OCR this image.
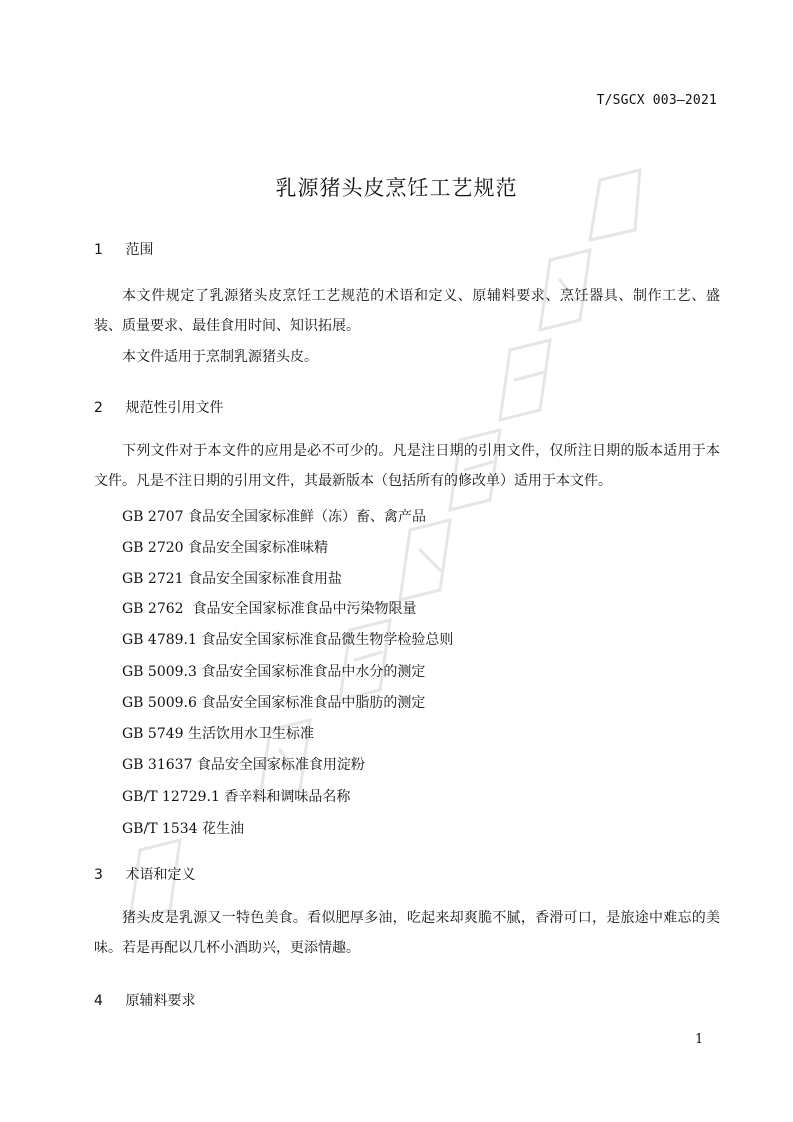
T/SGCX 003—2021
乳源猪头皮烹饪工艺规范
1 范围
本文件规定了乳源猪头皮烹饪工艺规范的术语和定义、原辅料要求、烹饪器具、制作工艺、盛装、质量要求、最佳食用时间、知识拓展。
本文件适用于烹制乳源猪头皮。
2 规范性引用文件
下列文件对于本文件的应用是必不可少的。凡是注日期的引用文件，仅所注日期的版本适用于本文件。凡是不注日期的引用文件，其最新版本（包括所有的修改单）适用于本文件。
GB 2707 食品安全国家标准鲜（冻）畜、禽产品
GB 2720 食品安全国家标准味精
GB 2721 食品安全国家标准食用盐
GB 2762  食品安全国家标准食品中污染物限量
GB 4789.1 食品安全国家标准食品微生物学检验总则
GB 5009.3 食品安全国家标准食品中水分的测定
GB 5009.6 食品安全国家标准食品中脂肪的测定
GB 5749 生活饮用水卫生标准
GB 31637 食品安全国家标准食用淀粉
GB/T 12729.1 香辛料和调味品名称
GB/T 1534 花生油
3 术语和定义
猪头皮是乳源又一特色美食。看似肥厚多油，吃起来却爽脆不腻，香滑可口，是旅途中难忘的美味。若是再配以几杯小酒助兴，更添情趣。
4 原辅料要求
1
